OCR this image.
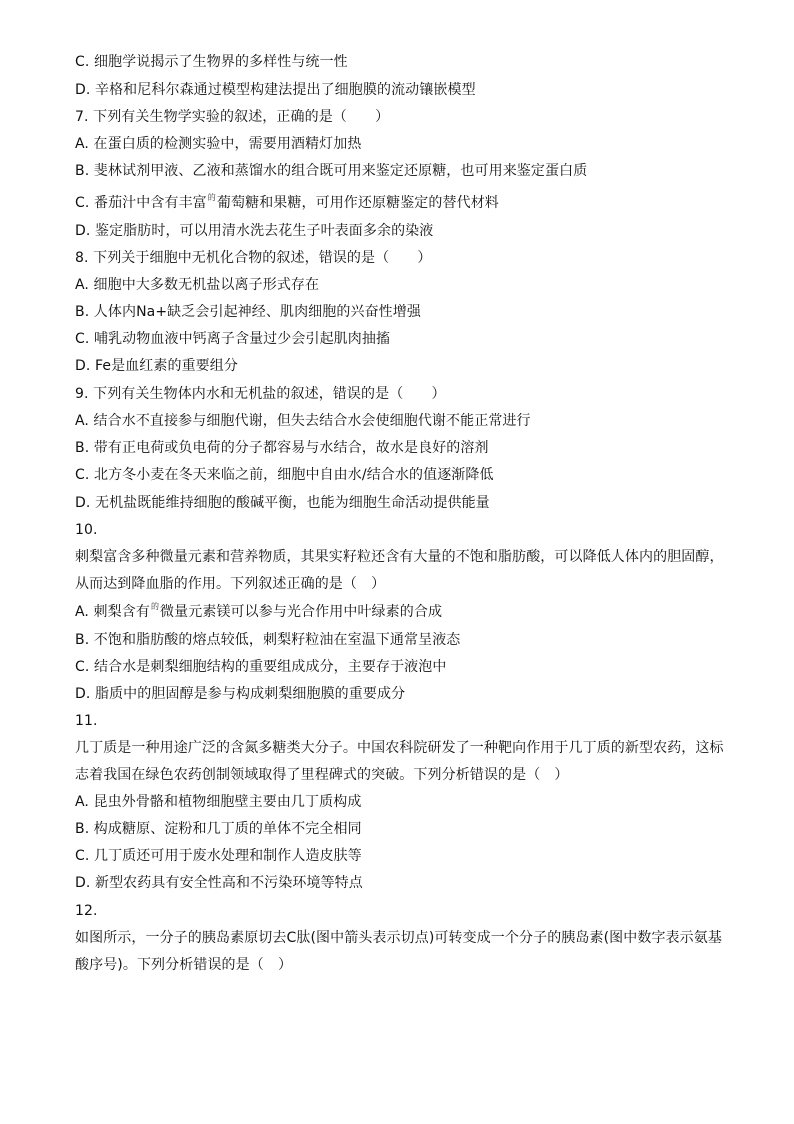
C. 细胞学说揭示了生物界的多样性与统一性
D. 辛格和尼科尔森通过模型构建法提出了细胞膜的流动镶嵌模型
7. 下列有关生物学实验的叙述，正确的是（　　）
A. 在蛋白质的检测实验中，需要用酒精灯加热
B. 斐林试剂甲液、乙液和蒸馏水的组合既可用来鉴定还原糖，也可用来鉴定蛋白质
C. 番茄汁中含有丰富$^的$葡萄糖和果糖，可用作还原糖鉴定的替代材料
D. 鉴定脂肪时，可以用清水洗去花生子叶表面多余的染液
8. 下列关于细胞中无机化合物的叙述，错误的是（　　）
A. 细胞中大多数无机盐以离子形式存在
B. 人体内Na+缺乏会引起神经、肌肉细胞的兴奋性增强
C. 哺乳动物血液中钙离子含量过少会引起肌肉抽搐
D. Fe是血红素的重要组分
9. 下列有关生物体内水和无机盐的叙述，错误的是（　　）
A. 结合水不直接参与细胞代谢，但失去结合水会使细胞代谢不能正常进行
B. 带有正电荷或负电荷的分子都容易与水结合，故水是良好的溶剂
C. 北方冬小麦在冬天来临之前，细胞中自由水/结合水的值逐渐降低
D. 无机盐既能维持细胞的酸碱平衡，也能为细胞生命活动提供能量
10.
刺梨富含多种微量元素和营养物质，其果实籽粒还含有大量的不饱和脂肪酸，可以降低人体内的胆固醇，
从而达到降血脂的作用。下列叙述正确的是（　）
A. 刺梨含有$^的$微量元素镁可以参与光合作用中叶绿素的合成
B. 不饱和脂肪酸的熔点较低，刺梨籽粒油在室温下通常呈液态
C. 结合水是刺梨细胞结构的重要组成成分，主要存于液泡中
D. 脂质中的胆固醇是参与构成刺梨细胞膜的重要成分
11.
几丁质是一种用途广泛的含氮多糖类大分子。中国农科院研发了一种靶向作用于几丁质的新型农药，这标
志着我国在绿色农药创制领域取得了里程碑式的突破。下列分析错误的是（　）
A. 昆虫外骨骼和植物细胞壁主要由几丁质构成
B. 构成糖原、淀粉和几丁质的单体不完全相同
C. 几丁质还可用于废水处理和制作人造皮肤等
D. 新型农药具有安全性高和不污染环境等特点
12.
如图所示，一分子的胰岛素原切去C肽(图中箭头表示切点)可转变成一个分子的胰岛素(图中数字表示氨基
酸序号)。下列分析错误的是（　）
